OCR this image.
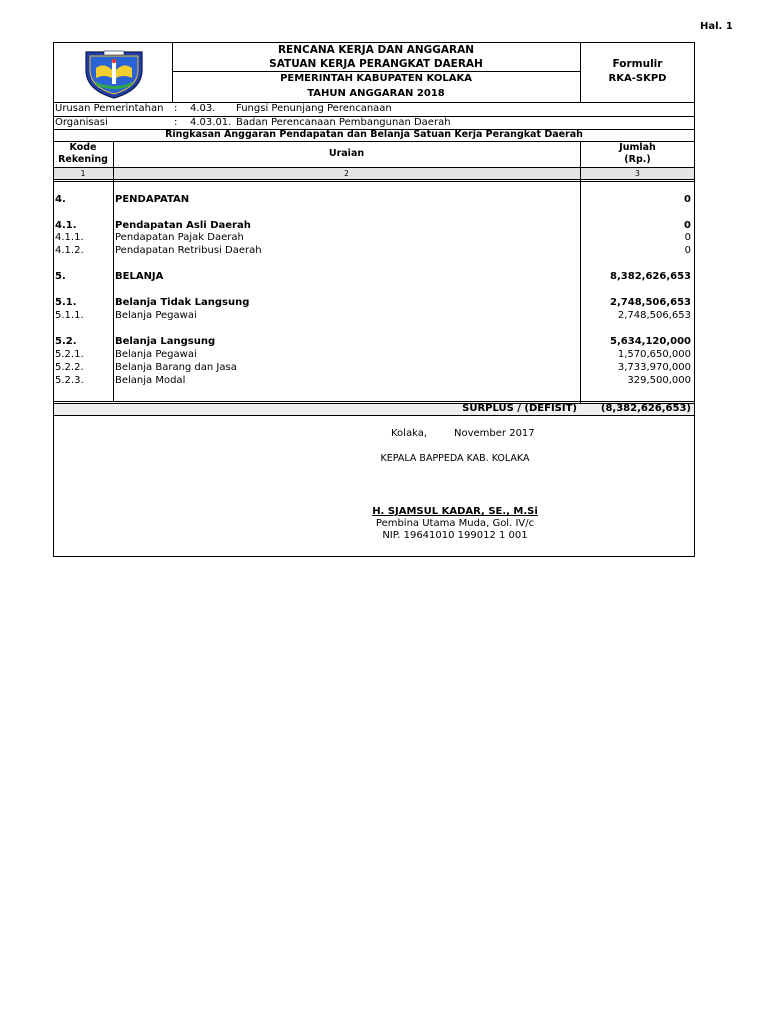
Hal. 1
RENCANA KERJA DAN ANGGARAN
SATUAN KERJA PERANGKAT DAERAH
PEMERINTAH KABUPATEN KOLAKA
TAHUN ANGGARAN 2018
Formulir
RKA-SKPD
Urusan Pemerintahan : 4.03. Fungsi Penunjang Perencanaan
Organisasi	: 4.03.01. Badan Perencanaan Pembangunan Daerah
Ringkasan Anggaran Pendapatan dan Belanja Satuan Kerja Perangkat Daerah
Kode
Rekening
Uraian
Jumlah
(Rp.)
1	2	3
4.	PENDAPATAN	0
4.1.	Pendapatan Asli Daerah	0
4.1.1.	Pendapatan Pajak Daerah	0
4.1.2.	Pendapatan Retribusi Daerah	0
5.	BELANJA	8,382,626,653
5.1.	Belanja Tidak Langsung	2,748,506,653
5.1.1.	Belanja Pegawai	2,748,506,653
5.2.	Belanja Langsung	5,634,120,000
5.2.1.	Belanja Pegawai	1,570,650,000
5.2.2.	Belanja Barang dan Jasa	3,733,970,000
5.2.3.	Belanja Modal	329,500,000
SURPLUS / (DEFISIT)	(8,382,626,653)
Kolaka,	November 2017
KEPALA BAPPEDA KAB. KOLAKA
H. SJAMSUL KADAR, SE., M.Si
Pembina Utama Muda, Gol. IV/c
NIP. 19641010 199012 1 001
